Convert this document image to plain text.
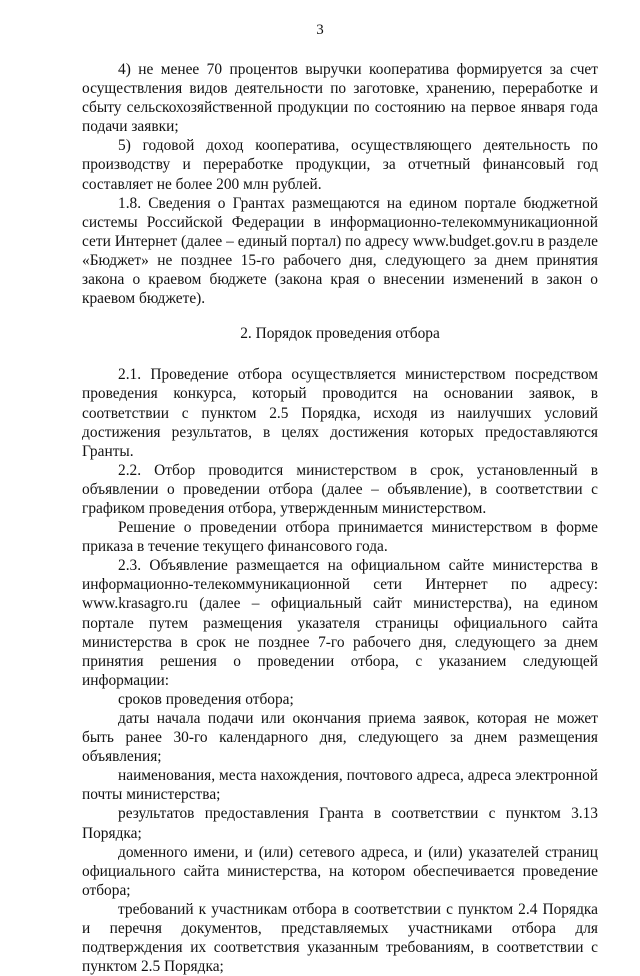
3

4) не менее 70 процентов выручки кооператива формируется за счет осуществления видов деятельности по заготовке, хранению, переработке и сбыту сельскохозяйственной продукции по состоянию на первое января года подачи заявки;

5) годовой доход кооператива, осуществляющего деятельность по производству и переработке продукции, за отчетный финансовый год составляет не более 200 млн рублей.

1.8. Сведения о Грантах размещаются на едином портале бюджетной системы Российской Федерации в информационно-телекоммуникационной сети Интернет (далее – единый портал) по адресу www.budget.gov.ru в разделе «Бюджет» не позднее 15-го рабочего дня, следующего за днем принятия закона о краевом бюджете (закона края о внесении изменений в закон о краевом бюджете).

2. Порядок проведения отбора

2.1. Проведение отбора осуществляется министерством посредством проведения конкурса, который проводится на основании заявок, в соответствии с пунктом 2.5 Порядка, исходя из наилучших условий достижения результатов, в целях достижения которых предоставляются Гранты.

2.2. Отбор проводится министерством в срок, установленный в объявлении о проведении отбора (далее – объявление), в соответствии с графиком проведения отбора, утвержденным министерством.

Решение о проведении отбора принимается министерством в форме приказа в течение текущего финансового года.

2.3. Объявление размещается на официальном сайте министерства в информационно-телекоммуникационной сети Интернет по адресу: www.krasagro.ru (далее – официальный сайт министерства), на едином портале путем размещения указателя страницы официального сайта министерства в срок не позднее 7-го рабочего дня, следующего за днем принятия решения о проведении отбора, с указанием следующей информации:

сроков проведения отбора;

даты начала подачи или окончания приема заявок, которая не может быть ранее 30-го календарного дня, следующего за днем размещения объявления;

наименования, места нахождения, почтового адреса, адреса электронной почты министерства;

результатов предоставления Гранта в соответствии с пунктом 3.13 Порядка;

доменного имени, и (или) сетевого адреса, и (или) указателей страниц официального сайта министерства, на котором обеспечивается проведение отбора;

требований к участникам отбора в соответствии с пунктом 2.4 Порядка и перечня документов, представляемых участниками отбора для подтверждения их соответствия указанным требованиям, в соответствии с пунктом 2.5 Порядка;
